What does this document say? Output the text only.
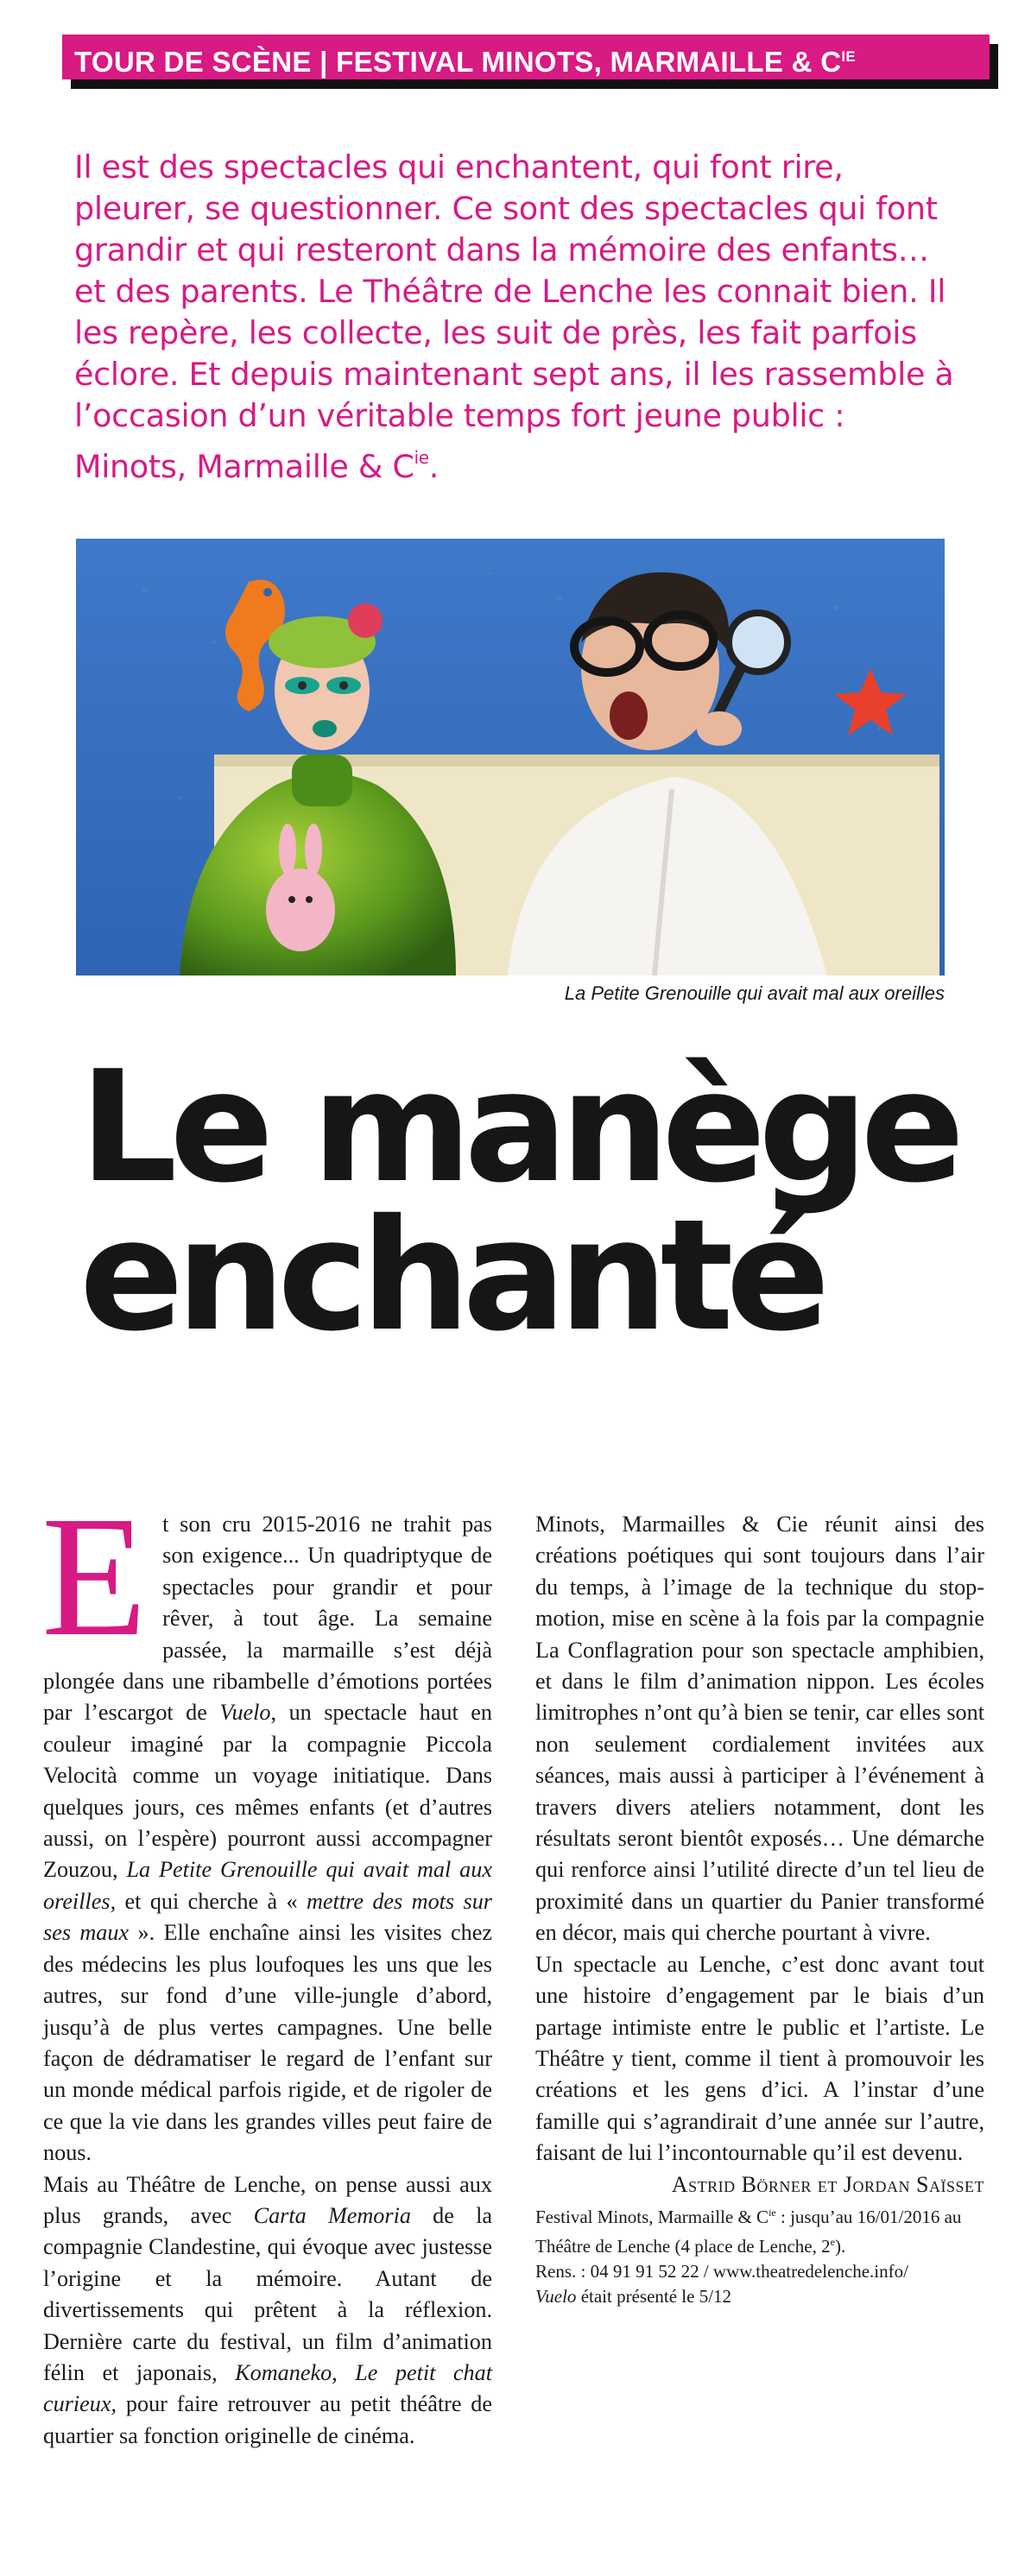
TOUR DE SCÈNE | FESTIVAL MINOTS, MARMAILLE & $C^{IE}$
Il est des spectacles qui enchantent, qui font rire, pleurer, se questionner. Ce sont des spectacles qui font grandir et qui resteront dans la mémoire des enfants… et des parents. Le Théâtre de Lenche les connait bien. Il les repère, les collecte, les suit de près, les fait parfois éclore. Et depuis maintenant sept ans, il les rassemble à l’occasion d’un véritable temps fort jeune public : Minots, Marmaille & $C^{ie}$.
La Petite Grenouille qui avait mal aux oreilles
Le manège
enchanté

Et son cru 2015-2016 ne trahit pas son exigence... Un quadriptyque de spectacles pour grandir et pour rêver, à tout âge. La semaine passée, la marmaille s’est déjà plongée dans une ribambelle d’émotions portées par l’escargot de Vuelo, un spectacle haut en couleur imaginé par la compagnie Piccola Velocità comme un voyage initiatique. Dans quelques jours, ces mêmes enfants (et d’autres aussi, on l’espère) pourront aussi accompagner Zouzou, La Petite Grenouille qui avait mal aux oreilles, et qui cherche à « mettre des mots sur ses maux ». Elle enchaîne ainsi les visites chez des médecins les plus loufoques les uns que les autres, sur fond d’une ville-jungle d’abord, jusqu’à de plus vertes campagnes. Une belle façon de dédramatiser le regard de l’enfant sur un monde médical parfois rigide, et de rigoler de ce que la vie dans les grandes villes peut faire de nous.

Mais au Théâtre de Lenche, on pense aussi aux plus grands, avec Carta Memoria de la compagnie Clandestine, qui évoque avec justesse l’origine et la mémoire. Autant de divertissements qui prêtent à la réflexion. Dernière carte du festival, un film d’animation félin et japonais, Komaneko, Le petit chat curieux, pour faire retrouver au petit théâtre de quartier sa fonction originelle de cinéma.

Minots, Marmailles & Cie réunit ainsi des créations poétiques qui sont toujours dans l’air du temps, à l’image de la technique du stop-motion, mise en scène à la fois par la compagnie La Conflagration pour son spectacle amphibien, et dans le film d’animation nippon. Les écoles limitrophes n’ont qu’à bien se tenir, car elles sont non seulement cordialement invitées aux séances, mais aussi à participer à l’événement à travers divers ateliers notamment, dont les résultats seront bientôt exposés… Une démarche qui renforce ainsi l’utilité directe d’un tel lieu de proximité dans un quartier du Panier transformé en décor, mais qui cherche pourtant à vivre.

Un spectacle au Lenche, c’est donc avant tout une histoire d’engagement par le biais d’un partage intimiste entre le public et l’artiste. Le Théâtre y tient, comme il tient à promouvoir les créations et les gens d’ici. A l’instar d’une famille qui s’agrandirait d’une année sur l’autre, faisant de lui l’incontournable qu’il est devenu.

Astrid Börner et Jordan Saïsset

Festival Minots, Marmaille & $C^{ie}$ : jusqu’au 16/01/2016 au Théâtre de Lenche (4 place de Lenche, 2e).
Rens. : 04 91 91 52 22 / www.theatredelenche.info/

Vuelo était présenté le 5/12
